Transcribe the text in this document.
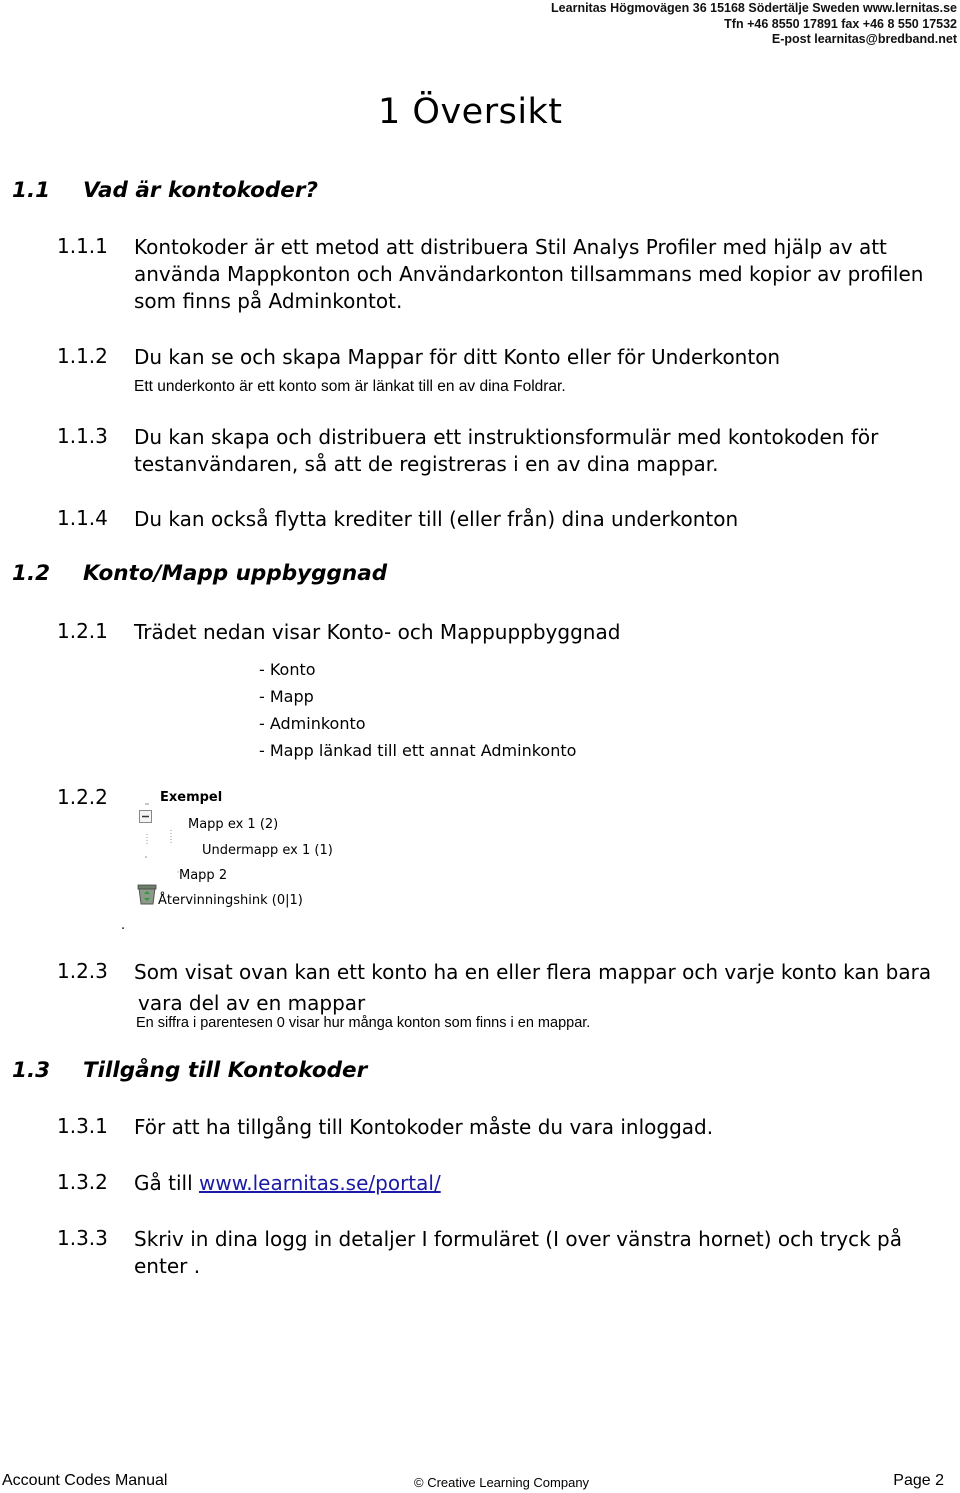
Learnitas Högmovägen 36 15168 Södertälje Sweden www.lernitas.se
Tfn +46 8550 17891 fax +46 8 550 17532
E-post learnitas@bredband.net
1 Översikt
1.1 Vad är kontokoder?
1.1.1 Kontokoder är ett metod att distribuera Stil Analys Profiler med hjälp av att
använda Mappkonton och Användarkonton tillsammans med kopior av profilen
som finns på Adminkontot.
1.1.2 Du kan se och skapa Mappar för ditt Konto eller för Underkonton
Ett underkonto är ett konto som är länkat till en av dina Foldrar.
1.1.3 Du kan skapa och distribuera ett instruktionsformulär med kontokoden för
testanvändaren, så att de registreras i en av dina mappar.
1.1.4 Du kan också flytta krediter till (eller från) dina underkonton
1.2 Konto/Mapp uppbyggnad
1.2.1 Trädet nedan visar Konto- och Mappuppbyggnad
- Konto
- Mapp
- Adminkonto
- Mapp länkad till ett annat Adminkonto
1.2.2	Exempel
Mapp ex 1 (2)
Undermapp ex 1 (1)
Mapp 2
Återvinningshink (0|1)
.
1.2.3 Som visat ovan kan ett konto ha en eller flera mappar och varje konto kan bara
vara del av en mappar
En siffra i parentesen 0 visar hur många konton som finns i en mappar.
1.3 Tillgång till Kontokoder
1.3.1 För att ha tillgång till Kontokoder måste du vara inloggad.
1.3.2 Gå till www.learnitas.se/portal/
1.3.3 Skriv in dina logg in detaljer I formuläret (I over vänstra hornet) och tryck på
enter .
Account Codes Manual	© Creative Learning Company	Page 2
